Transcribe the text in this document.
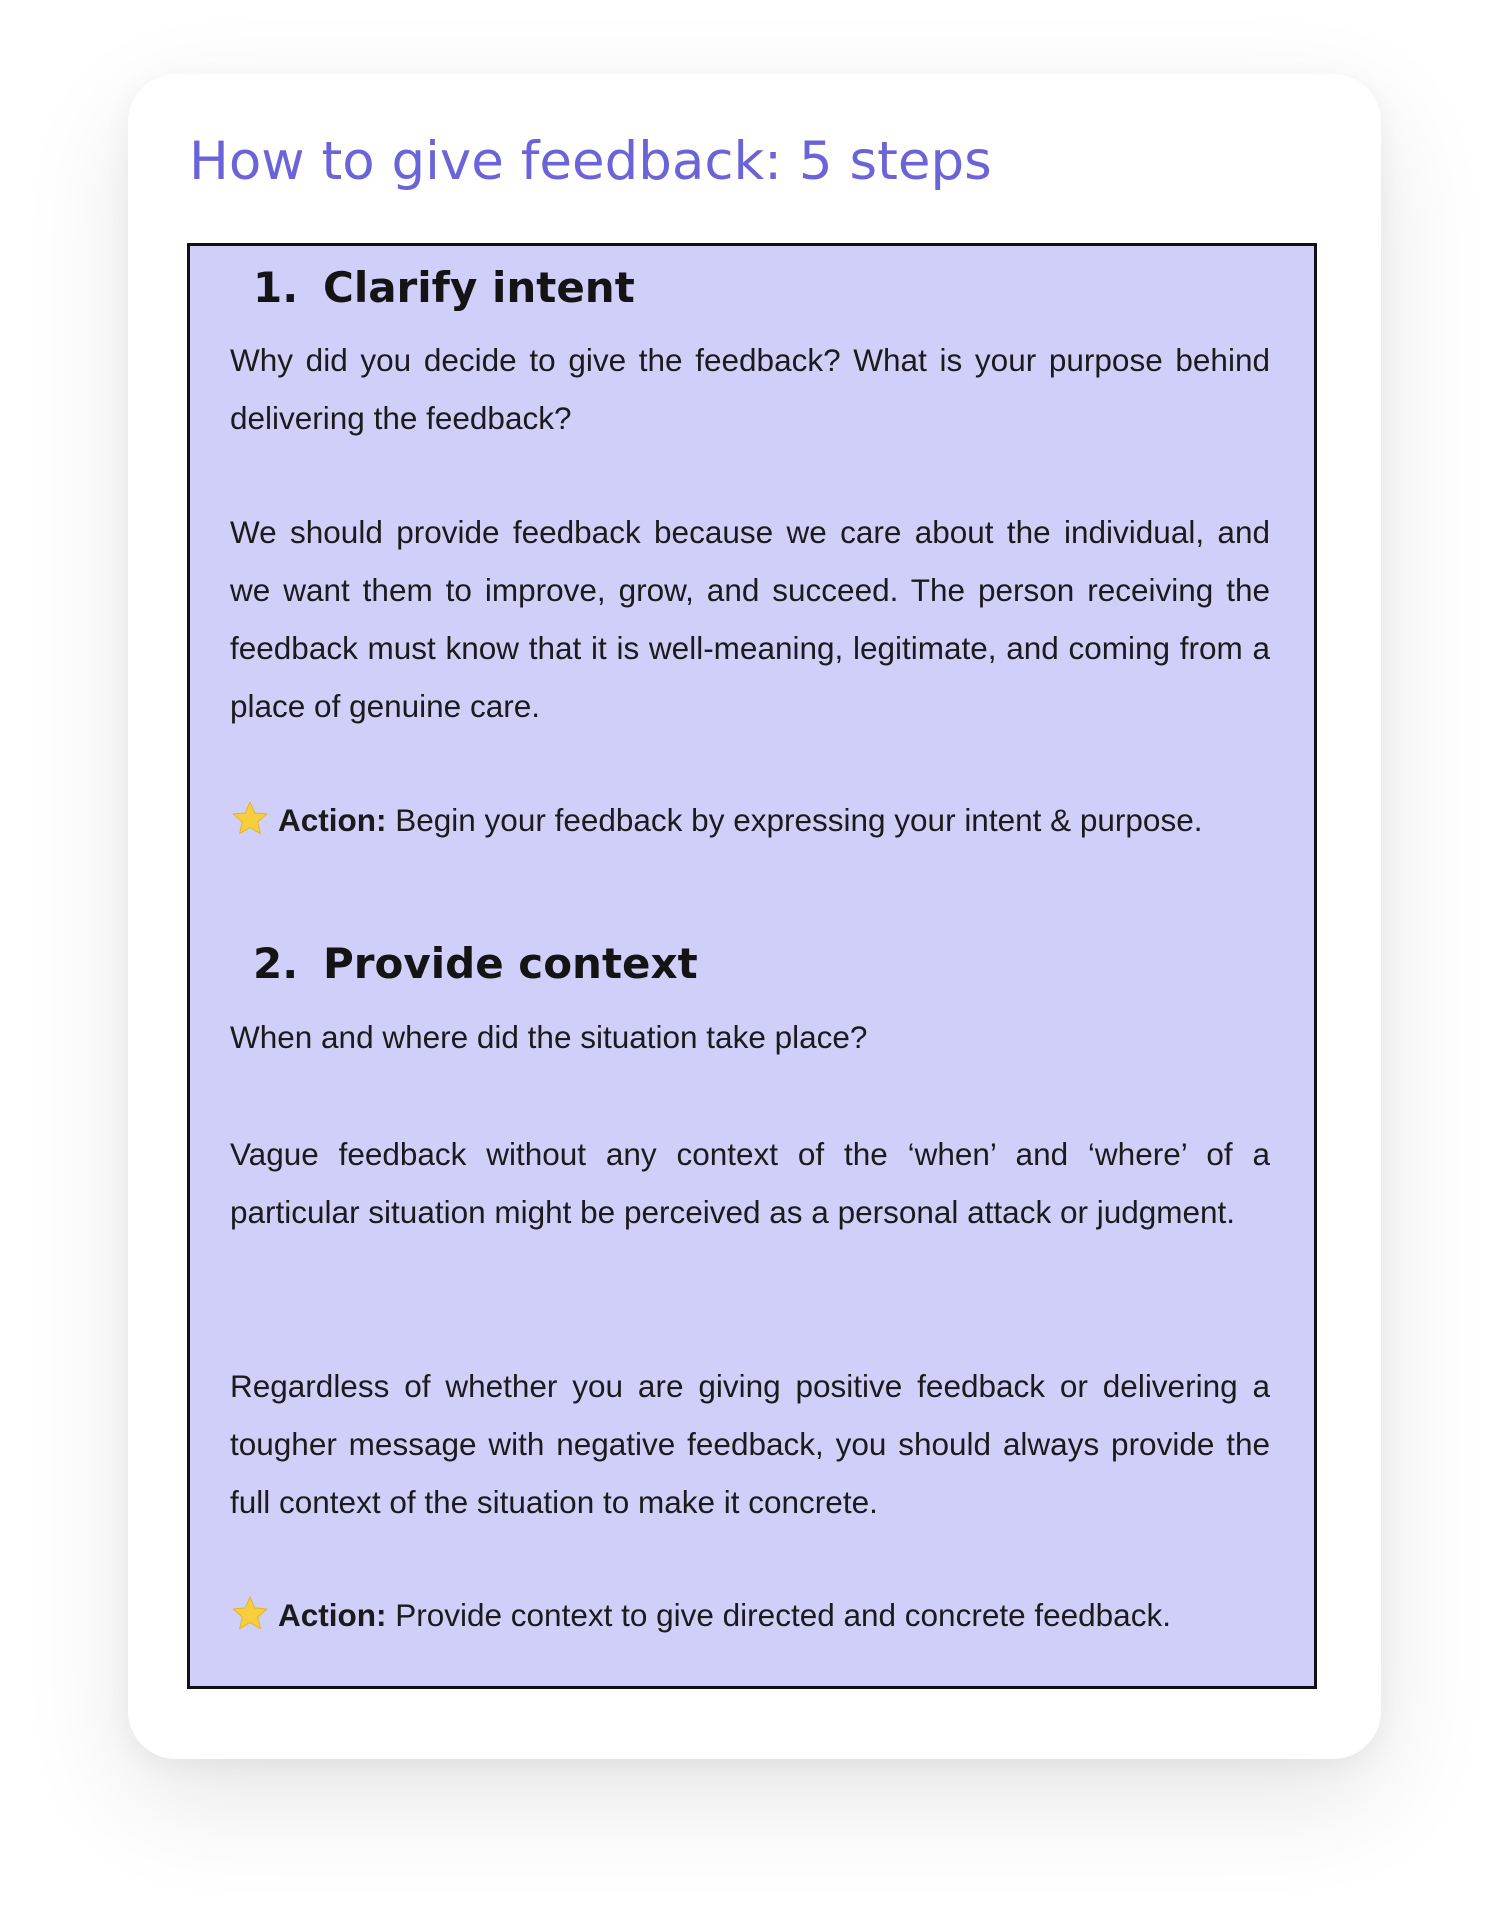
How to give feedback: 5 steps
1. Clarify intent

Why did you decide to give the feedback? What is your purpose behind delivering the feedback?

We should provide feedback because we care about the individual, and we want them to improve, grow, and succeed. The person receiving the feedback must know that it is well-meaning, legitimate, and coming from a place of genuine care.

Action: Begin your feedback by expressing your intent & purpose.

2. Provide context

When and where did the situation take place?

Vague feedback without any context of the ‘when’ and ‘where’ of a particular situation might be perceived as a personal attack or judgment.

Regardless of whether you are giving positive feedback or delivering a tougher message with negative feedback, you should always provide the full context of the situation to make it concrete.

Action: Provide context to give directed and concrete feedback.
